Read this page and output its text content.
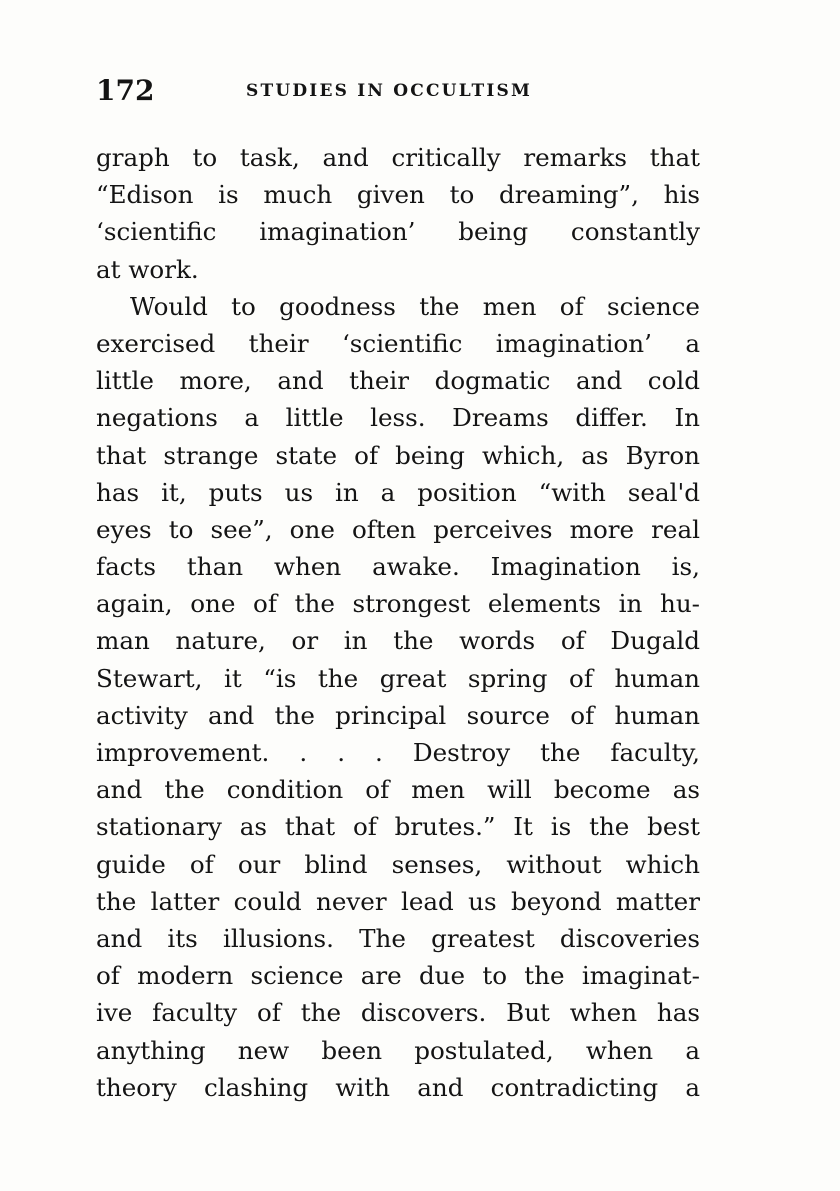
172	STUDIES IN OCCULTISM
graph to task, and critically remarks that
“Edison is much given to dreaming”, his
‘scientific imagination’ being constantly
at work.
Would to goodness the men of science
exercised their ‘scientific imagination’ a
little more, and their dogmatic and cold
negations a little less. Dreams differ. In
that strange state of being which, as Byron
has it, puts us in a position “with seal'd
eyes to see”, one often perceives more real
facts than when awake. Imagination is,
again, one of the strongest elements in hu-
man nature, or in the words of Dugald
Stewart, it “is the great spring of human
activity and the principal source of human
improvement. . . . Destroy the faculty,
and the condition of men will become as
stationary as that of brutes.” It is the best
guide of our blind senses, without which
the latter could never lead us beyond matter
and its illusions. The greatest discoveries
of modern science are due to the imaginat-
ive faculty of the discovers. But when has
anything new been postulated, when a
theory clashing with and contradicting a
